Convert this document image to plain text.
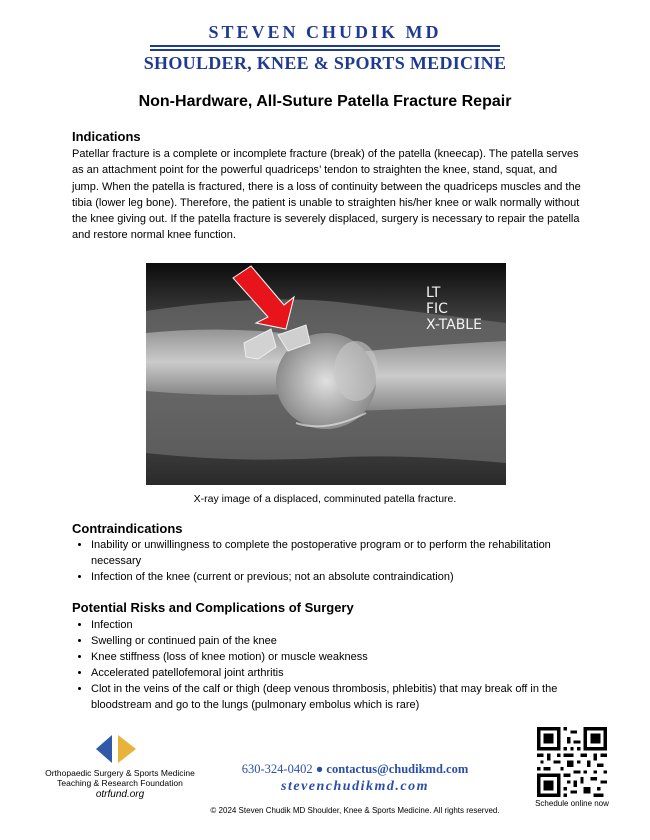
STEVEN CHUDIK MD
SHOULDER, KNEE & SPORTS MEDICINE
Non-Hardware, All-Suture Patella Fracture Repair
Indications

Patellar fracture is a complete or incomplete fracture (break) of the patella (kneecap). The patella serves as an attachment point for the powerful quadriceps’ tendon to straighten the knee, stand, squat, and jump. When the patella is fractured, there is a loss of continuity between the quadriceps muscles and the tibia (lower leg bone). Therefore, the patient is unable to straighten his/her knee or walk normally without the knee giving out. If the patella fracture is severely displaced, surgery is necessary to repair the patella and restore normal knee function.

LT
FIC
X-TABLE
X-ray image of a displaced, comminuted patella fracture.
Contraindications
• Inability or unwillingness to complete the postoperative program or to perform the rehabilitation necessary
• Infection of the knee (current or previous; not an absolute contraindication)
Potential Risks and Complications of Surgery
• Infection
• Swelling or continued pain of the knee
• Knee stiffness (loss of knee motion) or muscle weakness
• Accelerated patellofemoral joint arthritis
• Clot in the veins of the calf or thigh (deep venous thrombosis, phlebitis) that may break off in the bloodstream and go to the lungs (pulmonary embolus which is rare)
Orthopaedic Surgery & Sports Medicine
Teaching & Research Foundation
otrfund.org
630-324-0402 ● contactus@chudikmd.com
stevenchudikmd.com
© 2024 Steven Chudik MD Shoulder, Knee & Sports Medicine. All rights reserved.
Schedule online now
